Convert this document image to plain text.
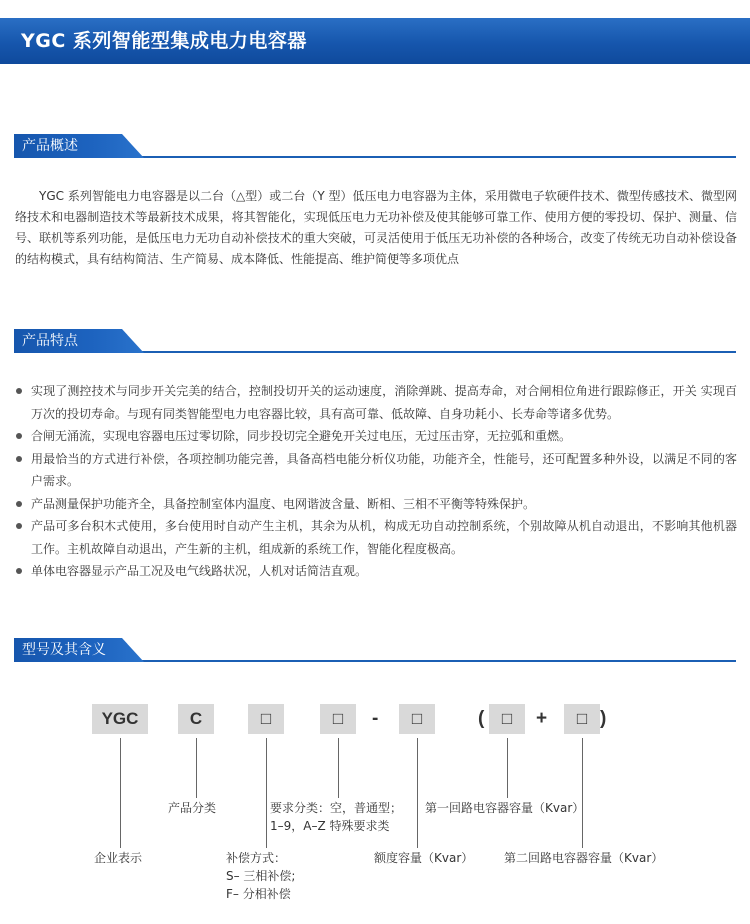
YGC 系列智能型集成电力电容器
产品概述

YGC 系列智能电力电容器是以二台（△型）或二台（Y 型）低压电力电容器为主体，采用微电子软硬件技术、微型传感技术、微型网络技术和电器制造技术等最新技术成果，将其智能化，实现低压电力无功补偿及使其能够可靠工作、使用方便的零投切、保护、测量、信号、联机等系列功能，是低压电力无功自动补偿技术的重大突破，可灵活使用于低压无功补偿的各种场合，改变了传统无功自动补偿设备的结构模式，具有结构简洁、生产简易、成本降低、性能提高、维护简便等多项优点

产品特点
实现了测控技术与同步开关完美的结合，控制投切开关的运动速度，消除弹跳、提高寿命，对合闸相位角进行跟踪修正，开关 实现百万次的投切寿命。与现有同类智能型电力电容器比较，具有高可靠、低故障、自身功耗小、长寿命等诸多优势。
合闸无涌流，实现电容器电压过零切除，同步投切完全避免开关过电压，无过压击穿，无拉弧和重燃。
用最恰当的方式进行补偿，各项控制功能完善，具备高档电能分析仪功能，功能齐全，性能号，还可配置多种外设，以满足不同的客户需求。
产品测量保护功能齐全，具备控制室体内温度、电网谐波含量、断相、三相不平衡等特殊保护。
产品可多台积木式使用，多台使用时自动产生主机，其余为从机，构成无功自动控制系统，个别故障从机自动退出，不影响其他机器工作。主机故障自动退出，产生新的主机，组成新的系统工作，智能化程度极高。
单体电容器显示产品工况及电气线路状况，人机对话简洁直观。
型号及其含义
YGC	C	□	□	-	□	(	□	+	□ )
企业表示
产品分类
补偿方式：
S– 三相补偿;
F– 分相补偿
要求分类：空，普通型；
1–9，A–Z 特殊要求类
额度容量（Kvar）
第一回路电容器容量（Kvar）
第二回路电容器容量（Kvar）
